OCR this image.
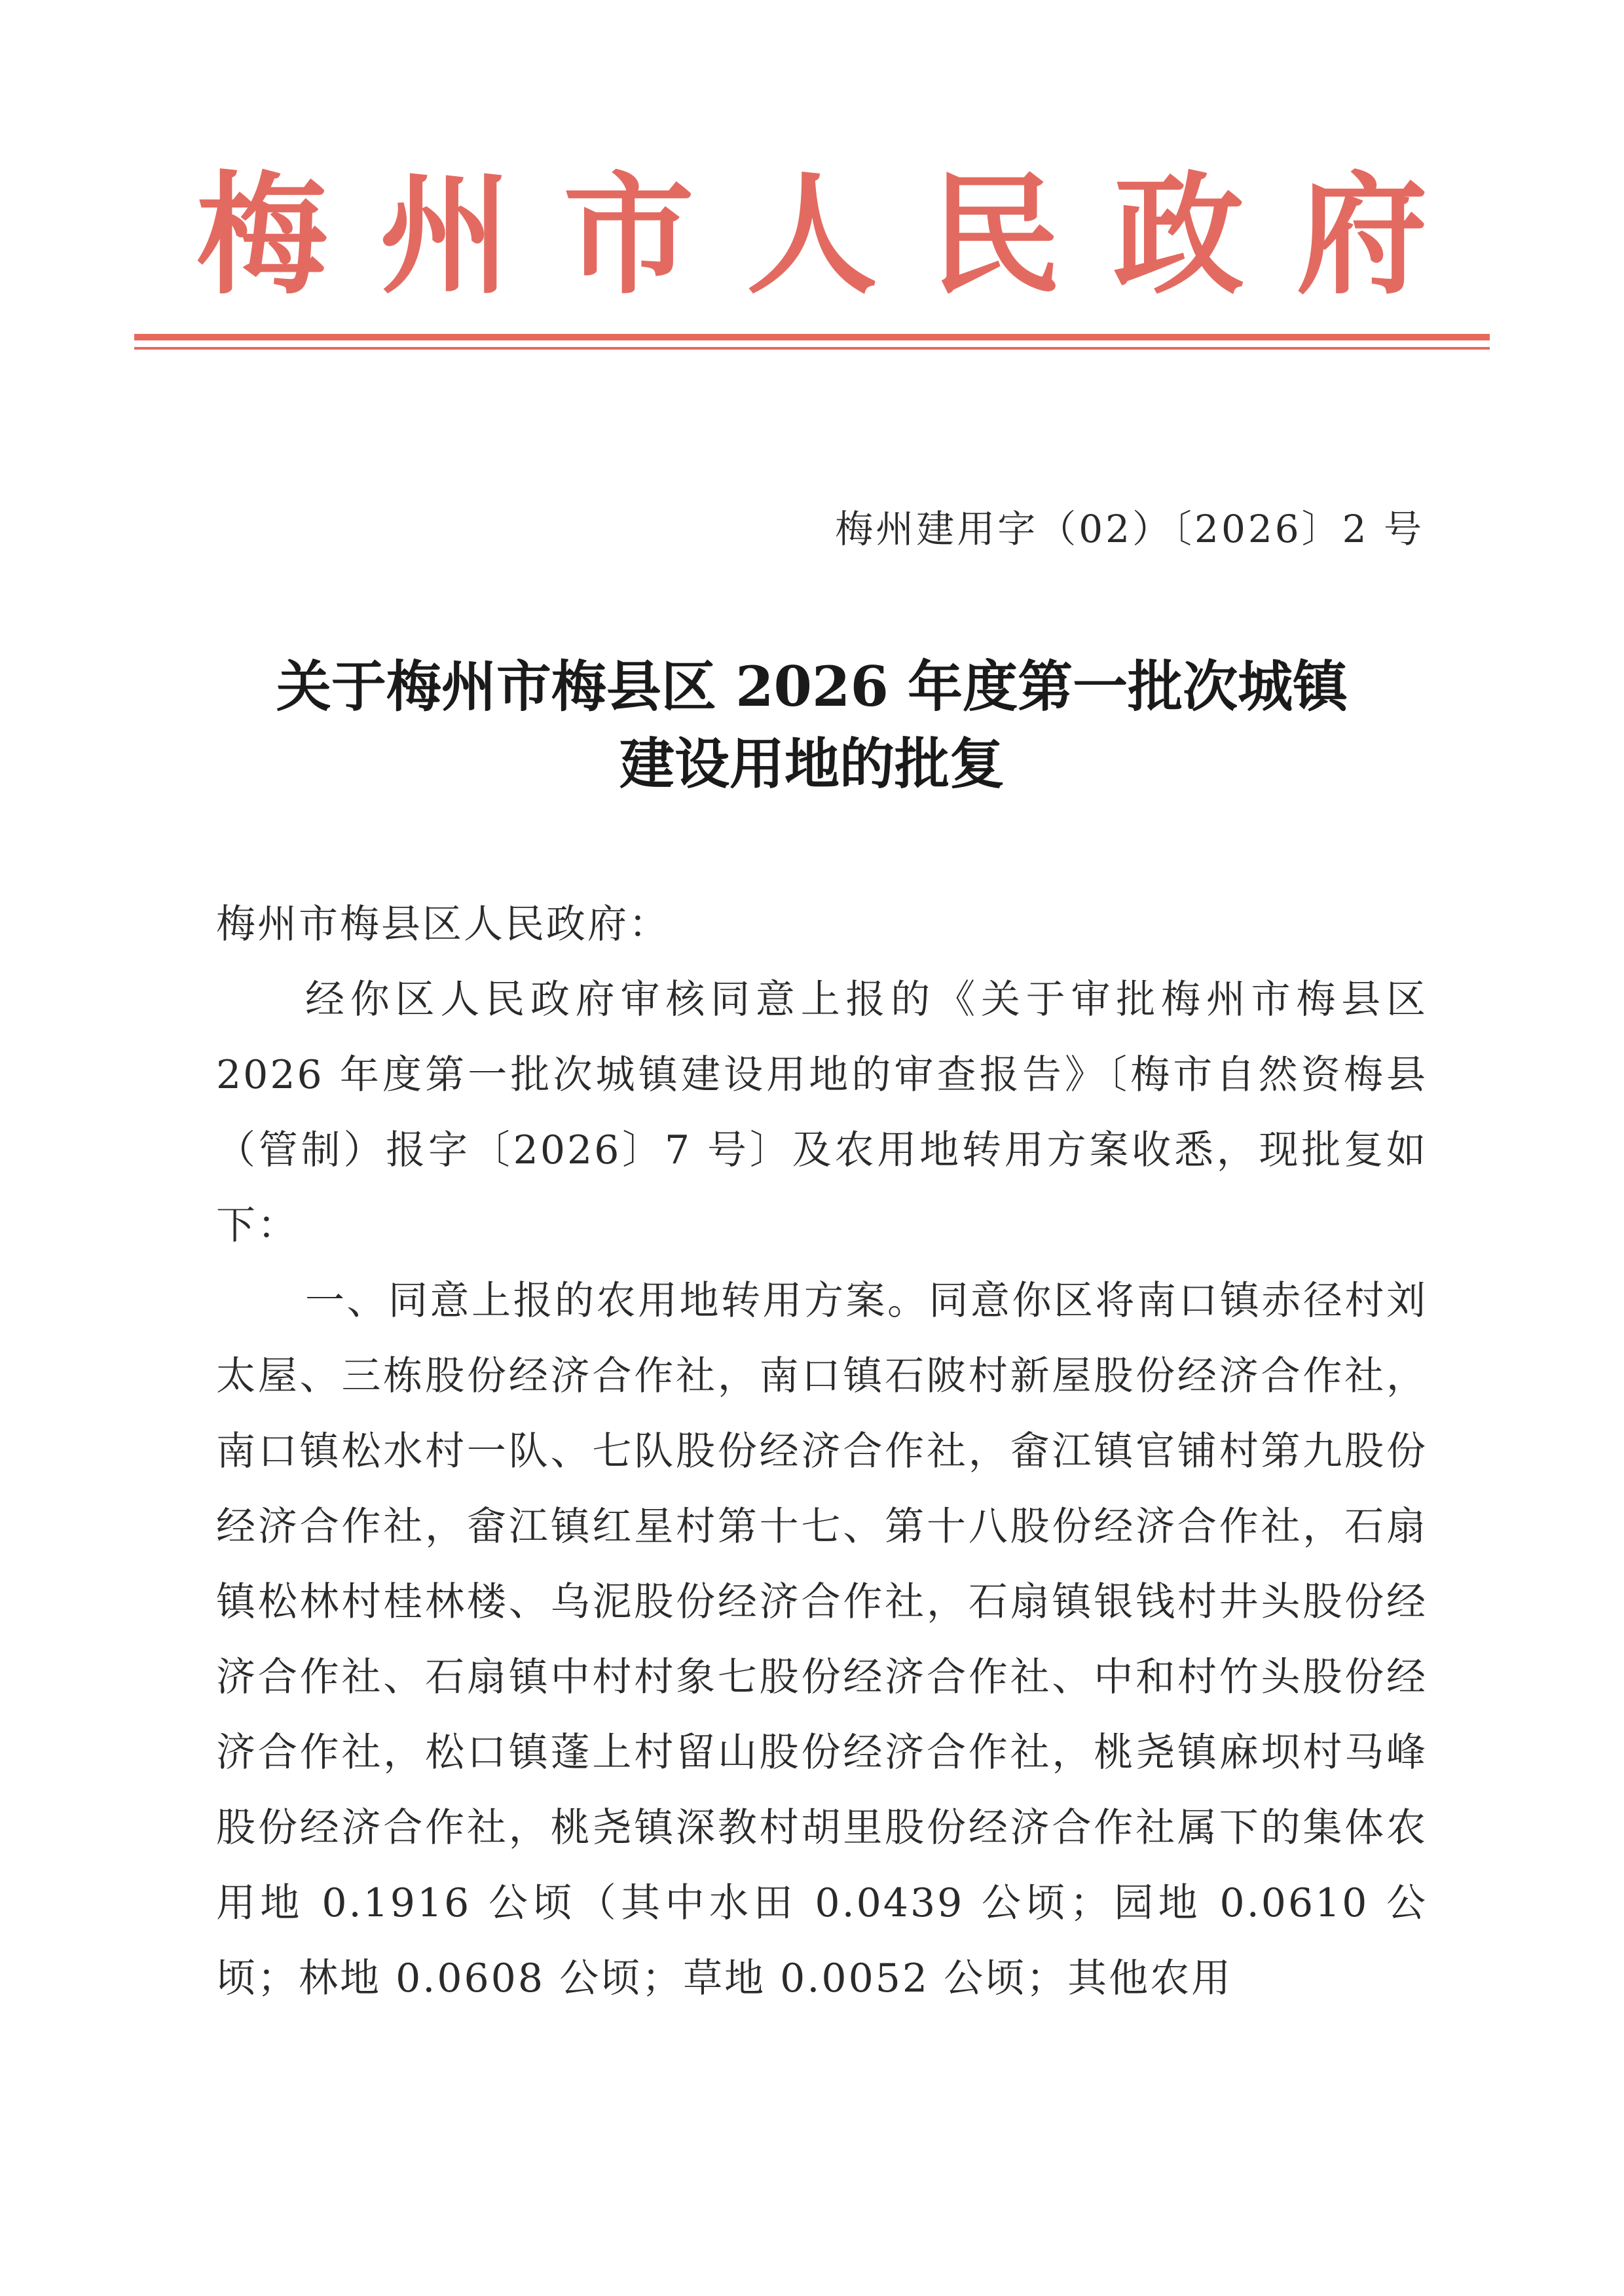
梅 州 市 人 民 政 府
梅州建用字（02）〔2026〕2 号
关于梅州市梅县区 2026 年度第一批次城镇
建设用地的批复

梅州市梅县区人民政府：

经你区人民政府审核同意上报的《关于审批梅州市梅县区 2026 年度第一批次城镇建设用地的审查报告》〔梅市自然资梅县（管制）报字〔2026〕7 号〕及农用地转用方案收悉，现批复如下：

一、同意上报的农用地转用方案。同意你区将南口镇赤径村刘太屋、三栋股份经济合作社，南口镇石陂村新屋股份经济合作社，南口镇松水村一队、七队股份经济合作社，畲江镇官铺村第九股份经济合作社，畲江镇红星村第十七、第十八股份经济合作社，石扇镇松林村桂林楼、乌泥股份经济合作社，石扇镇银钱村井头股份经济合作社、石扇镇中村村象七股份经济合作社、中和村竹头股份经济合作社，松口镇蓬上村留山股份经济合作社，桃尧镇麻坝村马峰股份经济合作社，桃尧镇深教村胡里股份经济合作社属下的集体农用地 0.1916 公顷（其中水田 0.0439 公顷；园地 0.0610 公顷；林地 0.0608 公顷；草地 0.0052 公顷；其他农用
